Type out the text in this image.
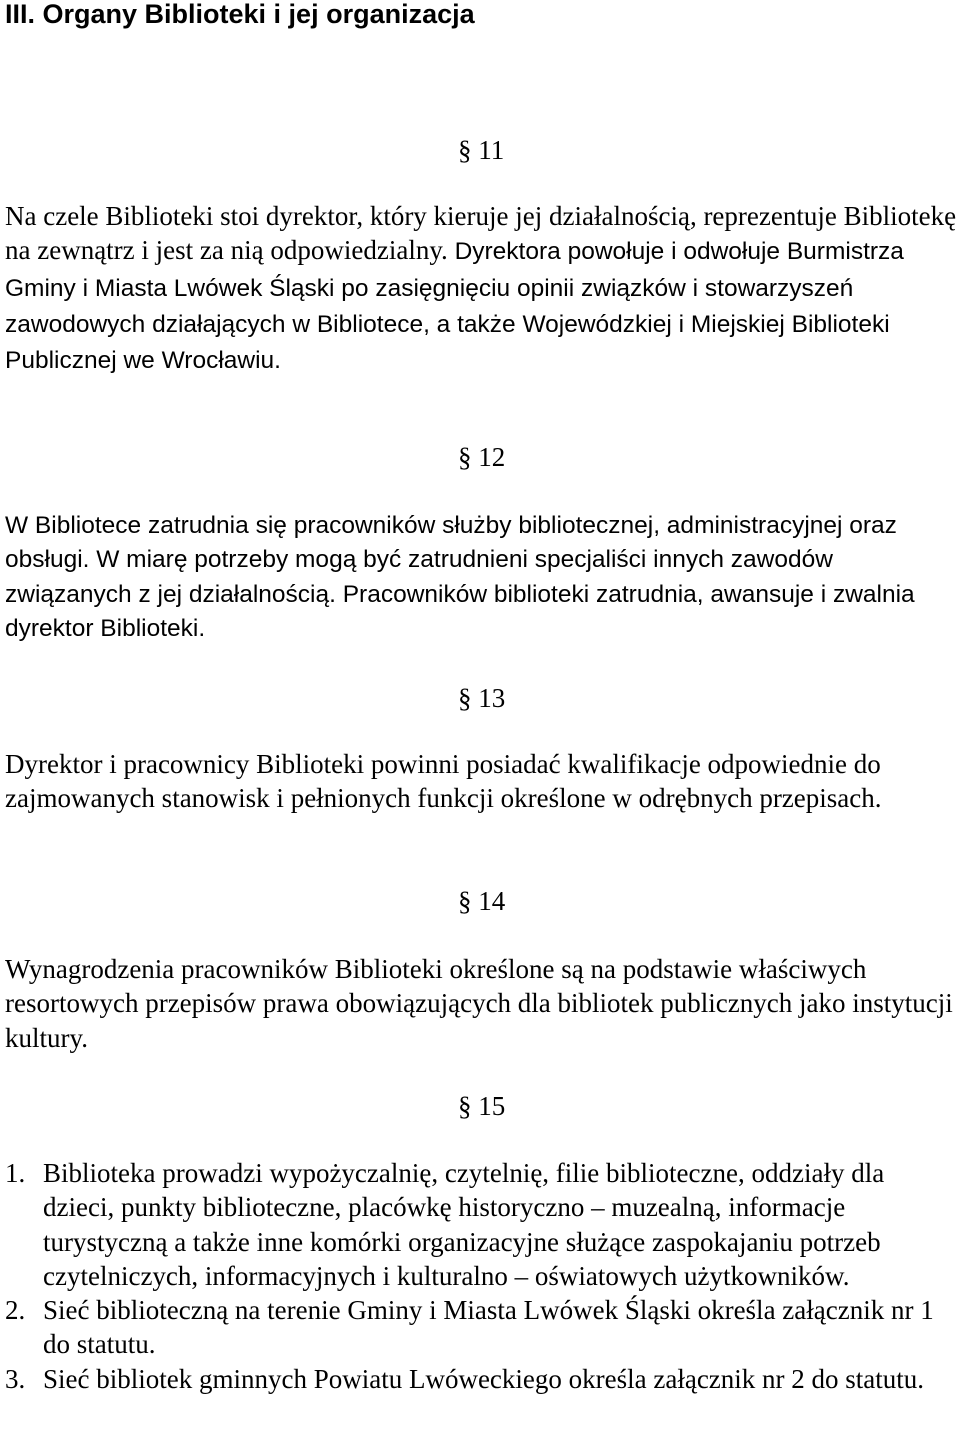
III. Organy Biblioteki i jej organizacja
§ 11

Na czele Biblioteki stoi dyrektor, który kieruje jej działalnością, reprezentuje Bibliotekę na zewnątrz i jest za nią odpowiedzialny. Dyrektora powołuje i odwołuje Burmistrza Gminy i Miasta Lwówek Śląski po zasięgnięciu opinii związków i stowarzyszeń zawodowych działających w Bibliotece, a także Wojewódzkiej i Miejskiej Biblioteki Publicznej we Wrocławiu.

§ 12

W Bibliotece zatrudnia się pracowników służby bibliotecznej, administracyjnej oraz obsługi. W miarę potrzeby mogą być zatrudnieni specjaliści innych zawodów związanych z jej działalnością. Pracowników biblioteki zatrudnia, awansuje i zwalnia dyrektor Biblioteki.

§ 13

Dyrektor i pracownicy Biblioteki powinni posiadać kwalifikacje odpowiednie do zajmowanych stanowisk i pełnionych funkcji określone w odrębnych przepisach.

§ 14

Wynagrodzenia pracowników Biblioteki określone są na podstawie właściwych resortowych przepisów prawa obowiązujących dla bibliotek publicznych jako instytucji kultury.

§ 15
1. Biblioteka prowadzi wypożyczalnię, czytelnię, filie biblioteczne, oddziały dla dzieci, punkty biblioteczne, placówkę historyczno – muzealną, informacje turystyczną a także inne komórki organizacyjne służące zaspokajaniu potrzeb czytelniczych, informacyjnych i kulturalno – oświatowych użytkowników.
2. Sieć biblioteczną na terenie Gminy i Miasta Lwówek Śląski określa załącznik nr 1 do statutu.
3. Sieć bibliotek gminnych Powiatu Lwóweckiego określa załącznik nr 2 do statutu.
